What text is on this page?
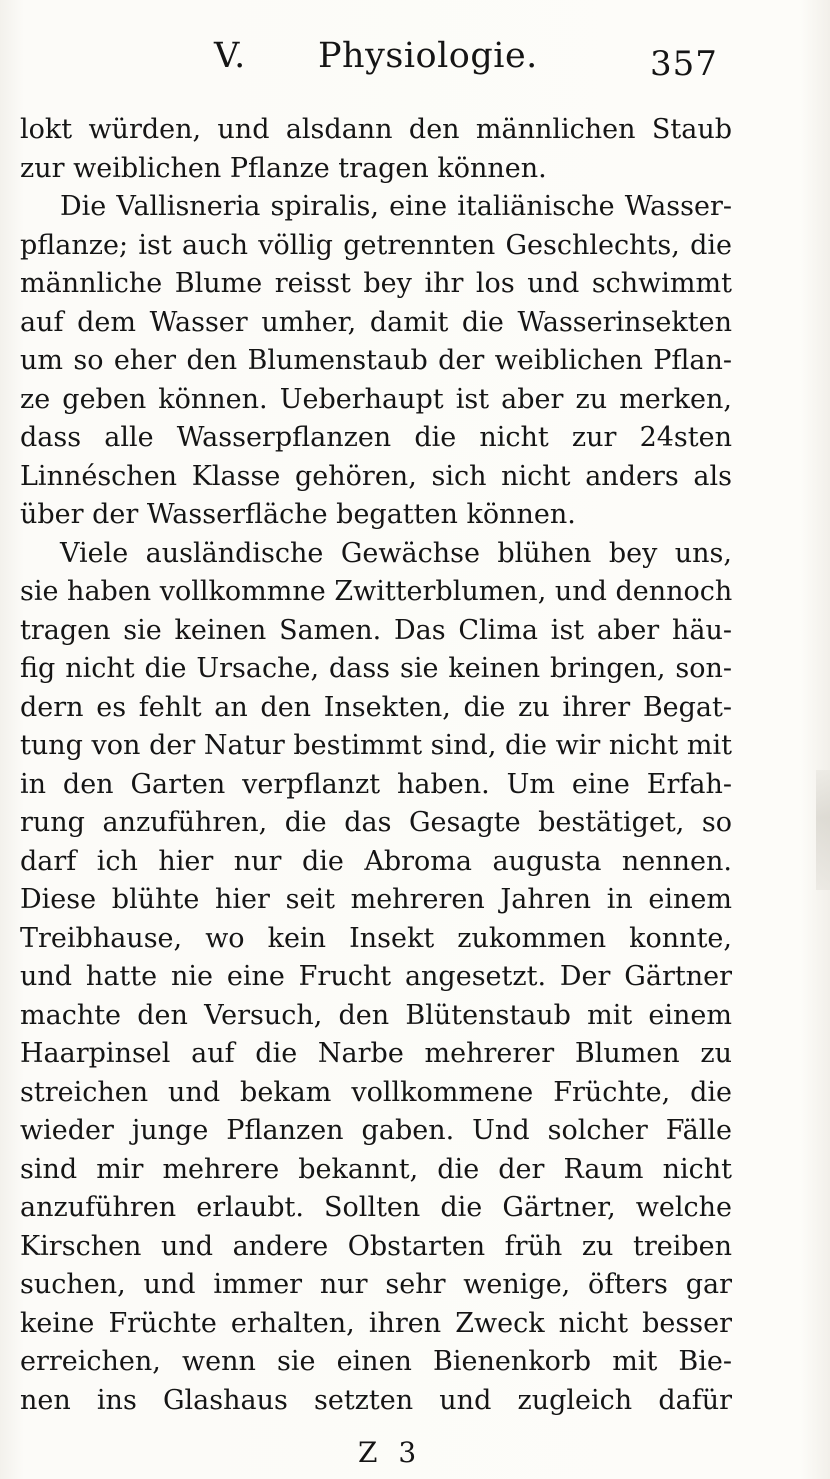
V. Physiologie.	357
lokt würden, und alsdann den männlichen Staub
zur weiblichen Pflanze tragen können.
Die Vallisneria spiralis, eine italiänische Wasser-
pflanze; ist auch völlig getrennten Geschlechts, die
männliche Blume reisst bey ihr los und schwimmt
auf dem Wasser umher, damit die Wasserinsekten
um so eher den Blumenstaub der weiblichen Pflan-
ze geben können. Ueberhaupt ist aber zu merken,
dass alle Wasserpflanzen die nicht zur 24sten
Linnéschen Klasse gehören, sich nicht anders als
über der Wasserfläche begatten können.
Viele ausländische Gewächse blühen bey uns,
sie haben vollkommne Zwitterblumen, und dennoch
tragen sie keinen Samen. Das Clima ist aber häu-
fig nicht die Ursache, dass sie keinen bringen, son-
dern es fehlt an den Insekten, die zu ihrer Begat-
tung von der Natur bestimmt sind, die wir nicht mit
in den Garten verpflanzt haben. Um eine Erfah-
rung anzuführen, die das Gesagte bestätiget, so
darf ich hier nur die Abroma augusta nennen.
Diese blühte hier seit mehreren Jahren in einem
Treibhause, wo kein Insekt zukommen konnte,
und hatte nie eine Frucht angesetzt. Der Gärtner
machte den Versuch, den Blütenstaub mit einem
Haarpinsel auf die Narbe mehrerer Blumen zu
streichen und bekam vollkommene Früchte, die
wieder junge Pflanzen gaben. Und solcher Fälle
sind mir mehrere bekannt, die der Raum nicht
anzuführen erlaubt. Sollten die Gärtner, welche
Kirschen und andere Obstarten früh zu treiben
suchen, und immer nur sehr wenige, öfters gar
keine Früchte erhalten, ihren Zweck nicht besser
erreichen, wenn sie einen Bienenkorb mit Bie-
nen ins Glashaus setzten und zugleich dafür
Z 3
